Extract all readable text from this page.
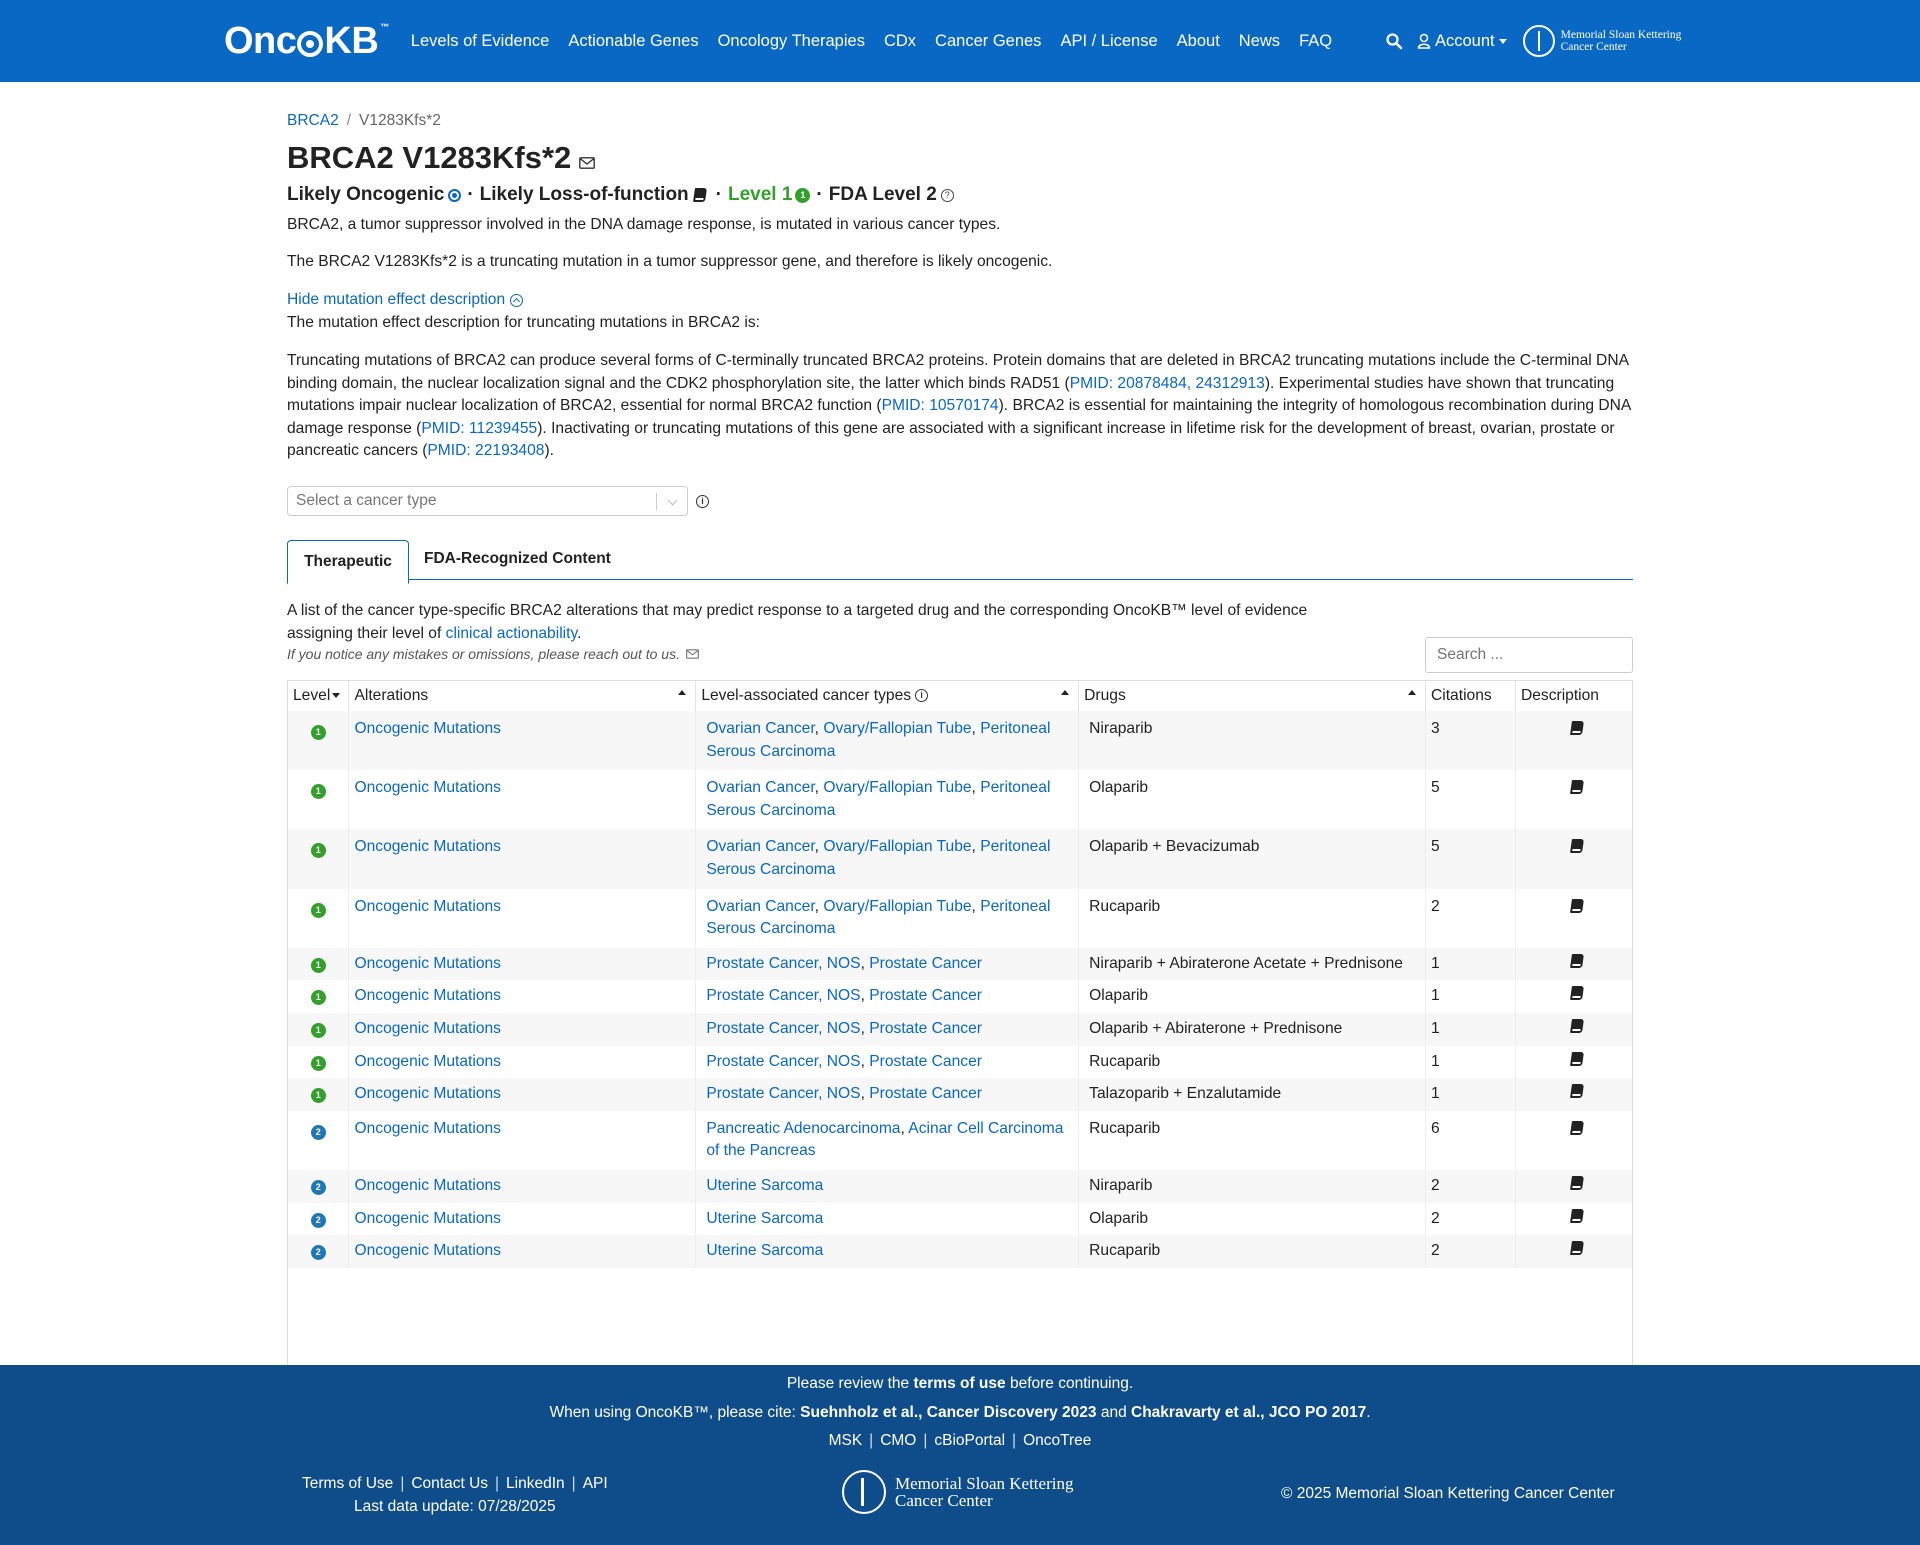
Onc KB™
Levels of Evidence Actionable Genes Oncology Therapies CDx Cancer Genes API / License About News FAQ	Account	Memorial Sloan Kettering
Cancer Center
BRCA2 / V1283Kfs*2
BRCA2 V1283Kfs*2
Likely Oncogenic · Likely Loss-of-function · Level 1 1 · FDA Level 2 ?
BRCA2, a tumor suppressor involved in the DNA damage response, is mutated in various cancer types.
The BRCA2 V1283Kfs*2 is a truncating mutation in a tumor suppressor gene, and therefore is likely oncogenic.
Hide mutation effect description
The mutation effect description for truncating mutations in BRCA2 is:
Truncating mutations of BRCA2 can produce several forms of C-terminally truncated BRCA2 proteins. Protein domains that are deleted in BRCA2 truncating mutations include the C-terminal DNA binding domain, the nuclear localization signal and the CDK2 phosphorylation site, the latter which binds RAD51 (PMID: 20878484, 24312913). Experimental studies have shown that truncating mutations impair nuclear localization of BRCA2, essential for normal BRCA2 function (PMID: 10570174). BRCA2 is essential for maintaining the integrity of homologous recombination during DNA damage response (PMID: 11239455). Inactivating or truncating mutations of this gene are associated with a significant increase in lifetime risk for the development of breast, ovarian, prostate or pancreatic cancers (PMID: 22193408).
Select a cancer type	i
Therapeutic	FDA-Recognized Content
A list of the cancer type-specific BRCA2 alterations that may predict response to a targeted drug and the corresponding OncoKB™ level of evidence assigning their level of clinical actionability.
If you notice any mistakes or omissions, please reach out to us.
Search ...
Level	Alterations	Level-associated cancer types i	Drugs	Citations	Description
1	Oncogenic Mutations	Ovarian Cancer, Ovary/Fallopian Tube, Peritoneal Serous Carcinoma	Niraparib	3	
1	Oncogenic Mutations	Ovarian Cancer, Ovary/Fallopian Tube, Peritoneal Serous Carcinoma	Olaparib	5	
1	Oncogenic Mutations	Ovarian Cancer, Ovary/Fallopian Tube, Peritoneal Serous Carcinoma	Olaparib + Bevacizumab	5	
1	Oncogenic Mutations	Ovarian Cancer, Ovary/Fallopian Tube, Peritoneal Serous Carcinoma	Rucaparib	2	
1	Oncogenic Mutations	Prostate Cancer, NOS, Prostate Cancer	Niraparib + Abiraterone Acetate + Prednisone	1	
1	Oncogenic Mutations	Prostate Cancer, NOS, Prostate Cancer	Olaparib	1	
1	Oncogenic Mutations	Prostate Cancer, NOS, Prostate Cancer	Olaparib + Abiraterone + Prednisone	1	
1	Oncogenic Mutations	Prostate Cancer, NOS, Prostate Cancer	Rucaparib	1	
1	Oncogenic Mutations	Prostate Cancer, NOS, Prostate Cancer	Talazoparib + Enzalutamide	1	
2	Oncogenic Mutations	Pancreatic Adenocarcinoma, Acinar Cell Carcinoma of the Pancreas	Rucaparib	6	
2	Oncogenic Mutations	Uterine Sarcoma	Niraparib	2	
2	Oncogenic Mutations	Uterine Sarcoma	Olaparib	2	
2	Oncogenic Mutations	Uterine Sarcoma	Rucaparib	2	
Please review the terms of use before continuing.
When using OncoKB™, please cite: Suehnholz et al., Cancer Discovery 2023 and Chakravarty et al., JCO PO 2017.
MSK | CMO | cBioPortal | OncoTree
Terms of Use | Contact Us | LinkedIn | API
Last data update: 07/28/2025
Memorial Sloan Kettering
Cancer Center	© 2025 Memorial Sloan Kettering Cancer Center
